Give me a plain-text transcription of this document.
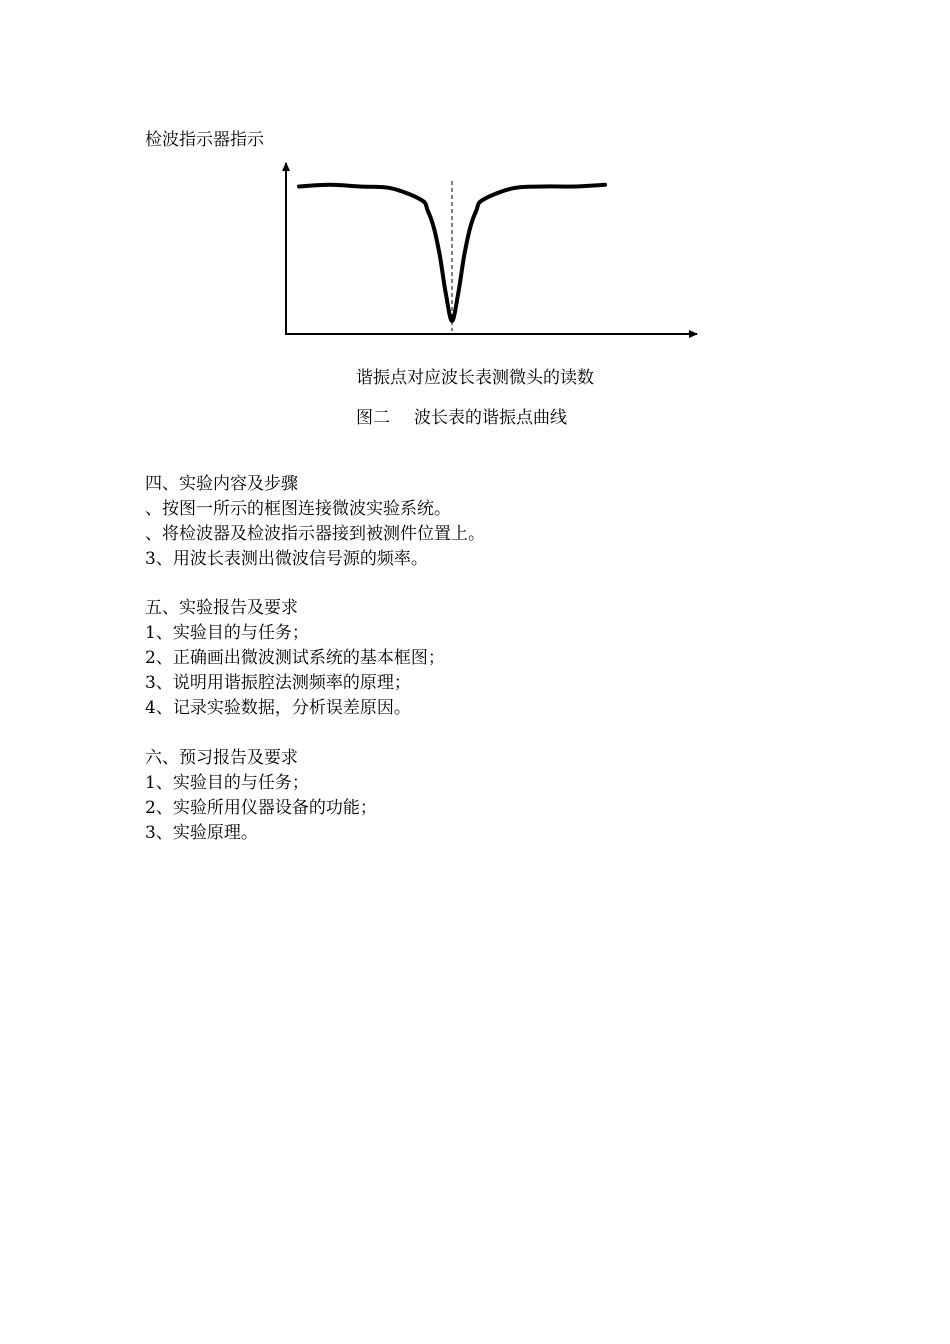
检波指示器指示
谐振点对应波长表测微头的读数
图二 波长表的谐振点曲线
四、实验内容及步骤
、按图一所示的框图连接微波实验系统。
、将检波器及检波指示器接到被测件位置上。
3、用波长表测出微波信号源的频率。
五、实验报告及要求
1、实验目的与任务；
2、正确画出微波测试系统的基本框图；
3、说明用谐振腔法测频率的原理；
4、记录实验数据，分析误差原因。
六、预习报告及要求
1、实验目的与任务；
2、实验所用仪器设备的功能；
3、实验原理。
